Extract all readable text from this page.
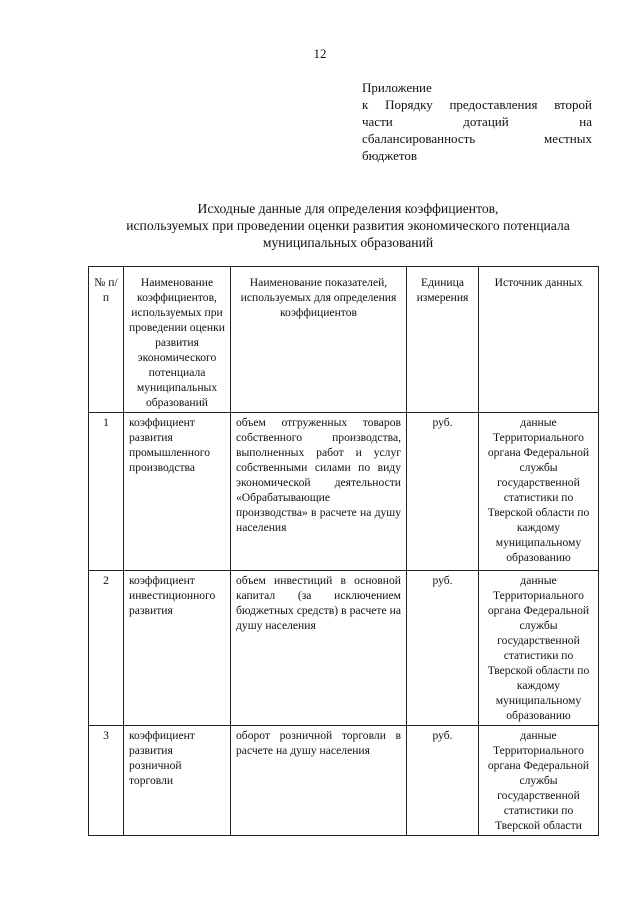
12
Приложение
к Порядку предоставления второй
части дотаций на
сбалансированность местных
бюджетов
Исходные данные для определения коэффициентов,
используемых при проведении оценки развития экономического потенциала
муниципальных образований
№ п/п	Наименование коэффициентов, используемых при проведении оценки развития экономического потенциала муниципальных образований	Наименование показателей, используемых для определения коэффициентов	Единица измерения	Источник данных
1	коэффициент развития промышленного производства	объем отгруженных товаров собственного производства, выполненных работ и услуг собственными силами по виду экономической деятельности «Обрабатывающие производства» в расчете на душу населения	руб.	данные Территориального органа Федеральной службы государственной статистики по Тверской области по каждому муниципальному образованию
2	коэффициент инвестиционного развития	объем инвестиций в основной капитал (за исключением бюджетных средств) в расчете на душу населения	руб.	данные Территориального органа Федеральной службы государственной статистики по Тверской области по каждому муниципальному образованию
3	коэффициент развития розничной торговли	оборот розничной торговли в расчете на душу населения	руб.	данные Территориального органа Федеральной службы государственной статистики по Тверской области
